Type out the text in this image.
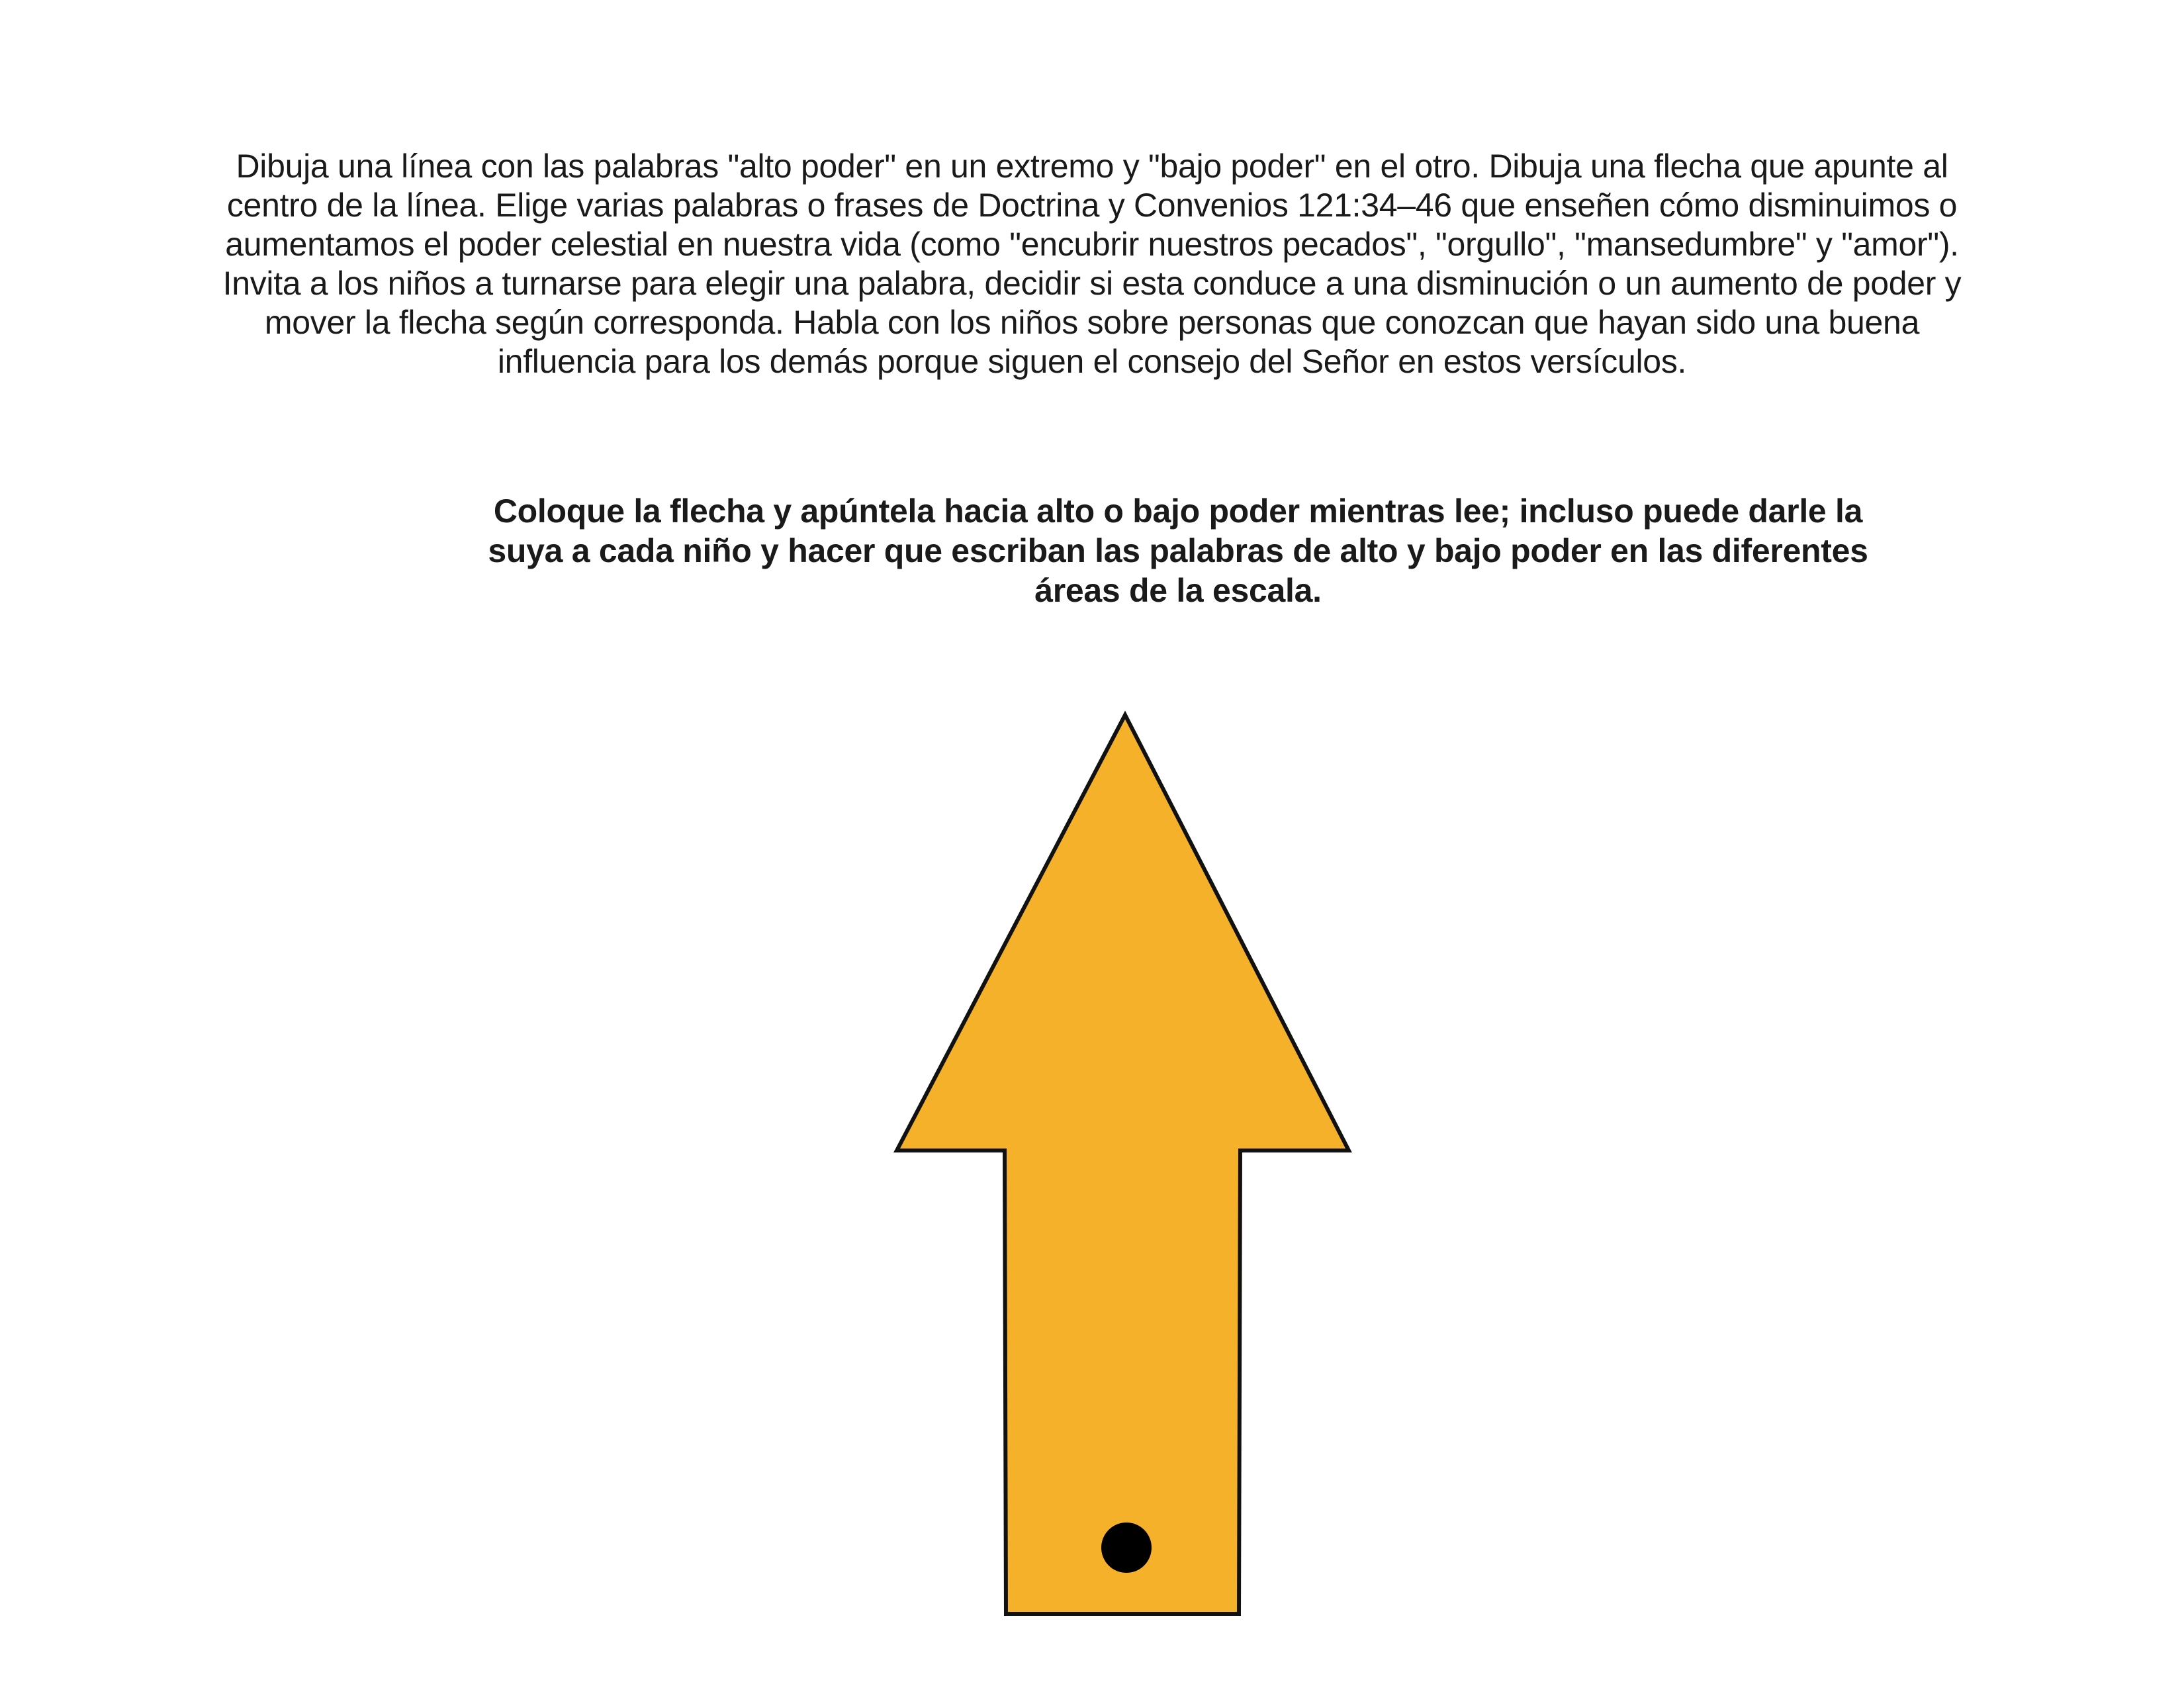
Dibuja una línea con las palabras "alto poder" en un extremo y "bajo poder" en el otro. Dibuja una flecha que apunte al centro de la línea. Elige varias palabras o frases de Doctrina y Convenios 121:34–46 que enseñen cómo disminuimos o aumentamos el poder celestial en nuestra vida (como "encubrir nuestros pecados", "orgullo", "mansedumbre" y "amor"). Invita a los niños a turnarse para elegir una palabra, decidir si esta conduce a una disminución o un aumento de poder y mover la flecha según corresponda. Habla con los niños sobre personas que conozcan que hayan sido una buena influencia para los demás porque siguen el consejo del Señor en estos versículos.

Coloque la flecha y apúntela hacia alto o bajo poder mientras lee; incluso puede darle la suya a cada niño y hacer que escriban las palabras de alto y bajo poder en las diferentes áreas de la escala.
